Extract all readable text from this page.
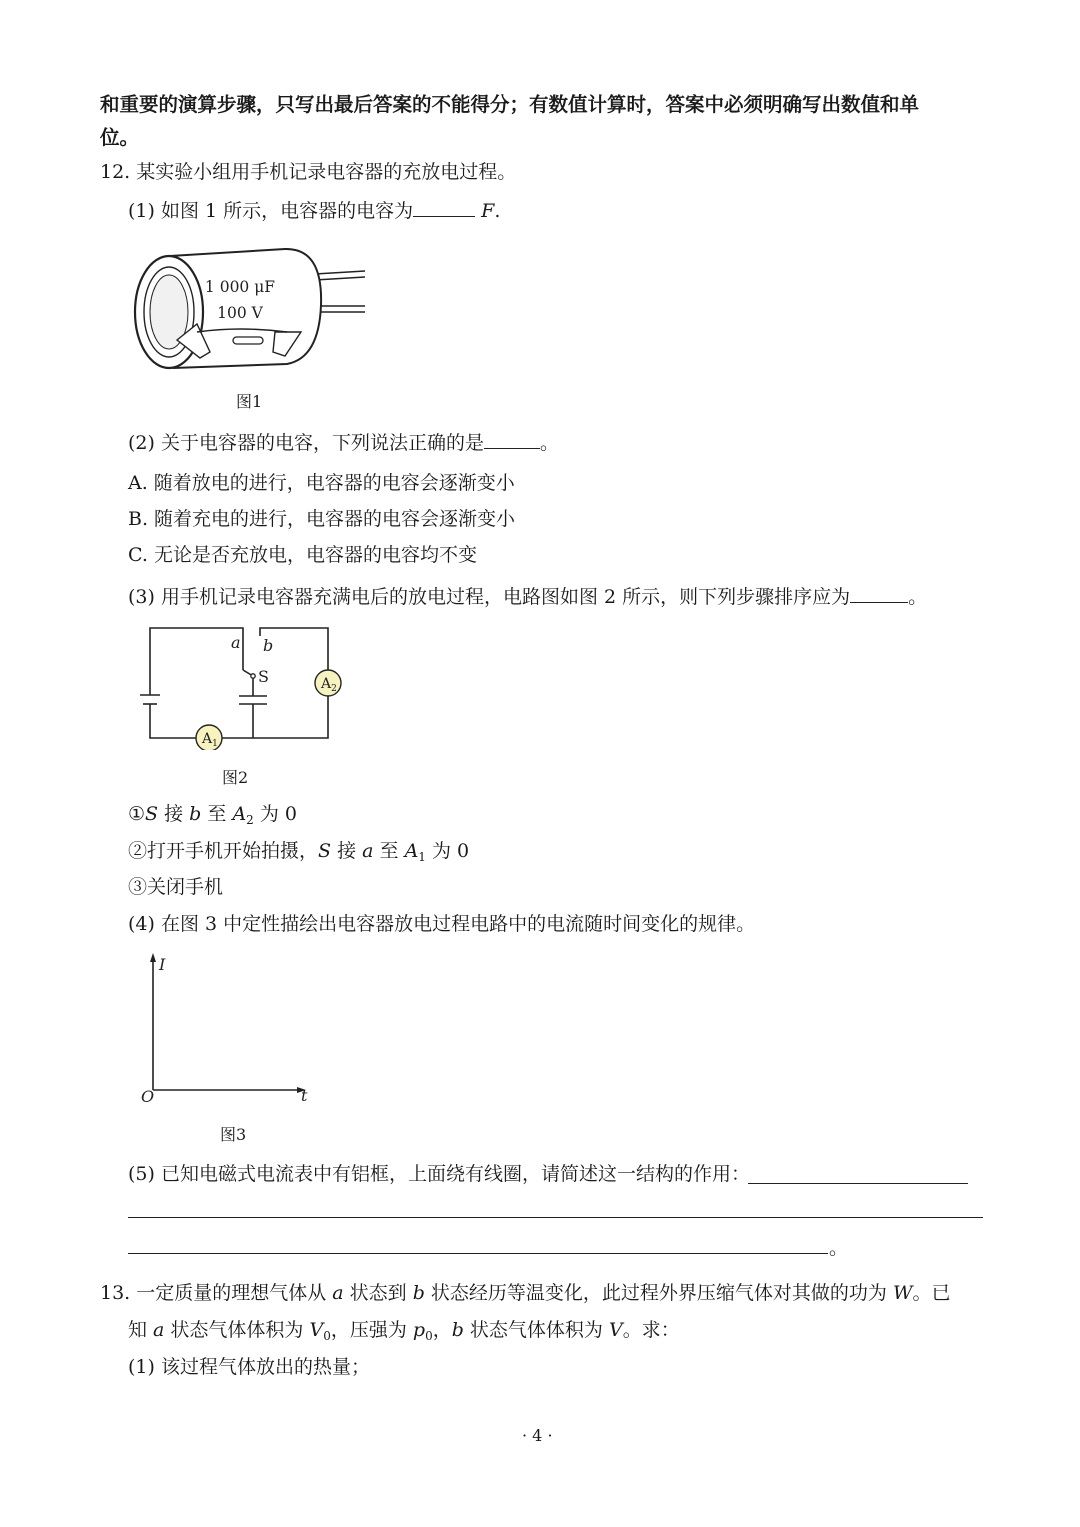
和重要的演算步骤，只写出最后答案的不能得分；有数值计算时，答案中必须明确写出数值和单
位。
12. 某实验小组用手机记录电容器的充放电过程。
(1) 如图 1 所示，电容器的电容为	F.
1 000 μF
100 V
图1
(2) 关于电容器的电容，下列说法正确的是	。
A. 随着放电的进行，电容器的电容会逐渐变小
B. 随着充电的进行，电容器的电容会逐渐变小
C. 无论是否充放电，电容器的电容均不变
(3) 用手机记录电容器充满电后的放电过程，电路图如图 2 所示，则下列步骤排序应为	。
a b
S	$A_2$
$A_1$
图2
①S 接 b 至 $A_2$ 为 0
②打开手机开始拍摄，S 接 a 至 $A_1$ 为 0
③关闭手机
(4) 在图 3 中定性描绘出电容器放电过程电路中的电流随时间变化的规律。
I
t
O
图3
(5) 已知电磁式电流表中有铝框，上面绕有线圈，请简述这一结构的作用：
。
13. 一定质量的理想气体从 a 状态到 b 状态经历等温变化，此过程外界压缩气体对其做的功为 W。已
知 a 状态气体体积为 $V_0$，压强为 $p_0$，b 状态气体体积为 V。求：
(1) 该过程气体放出的热量；
· 4 ·
